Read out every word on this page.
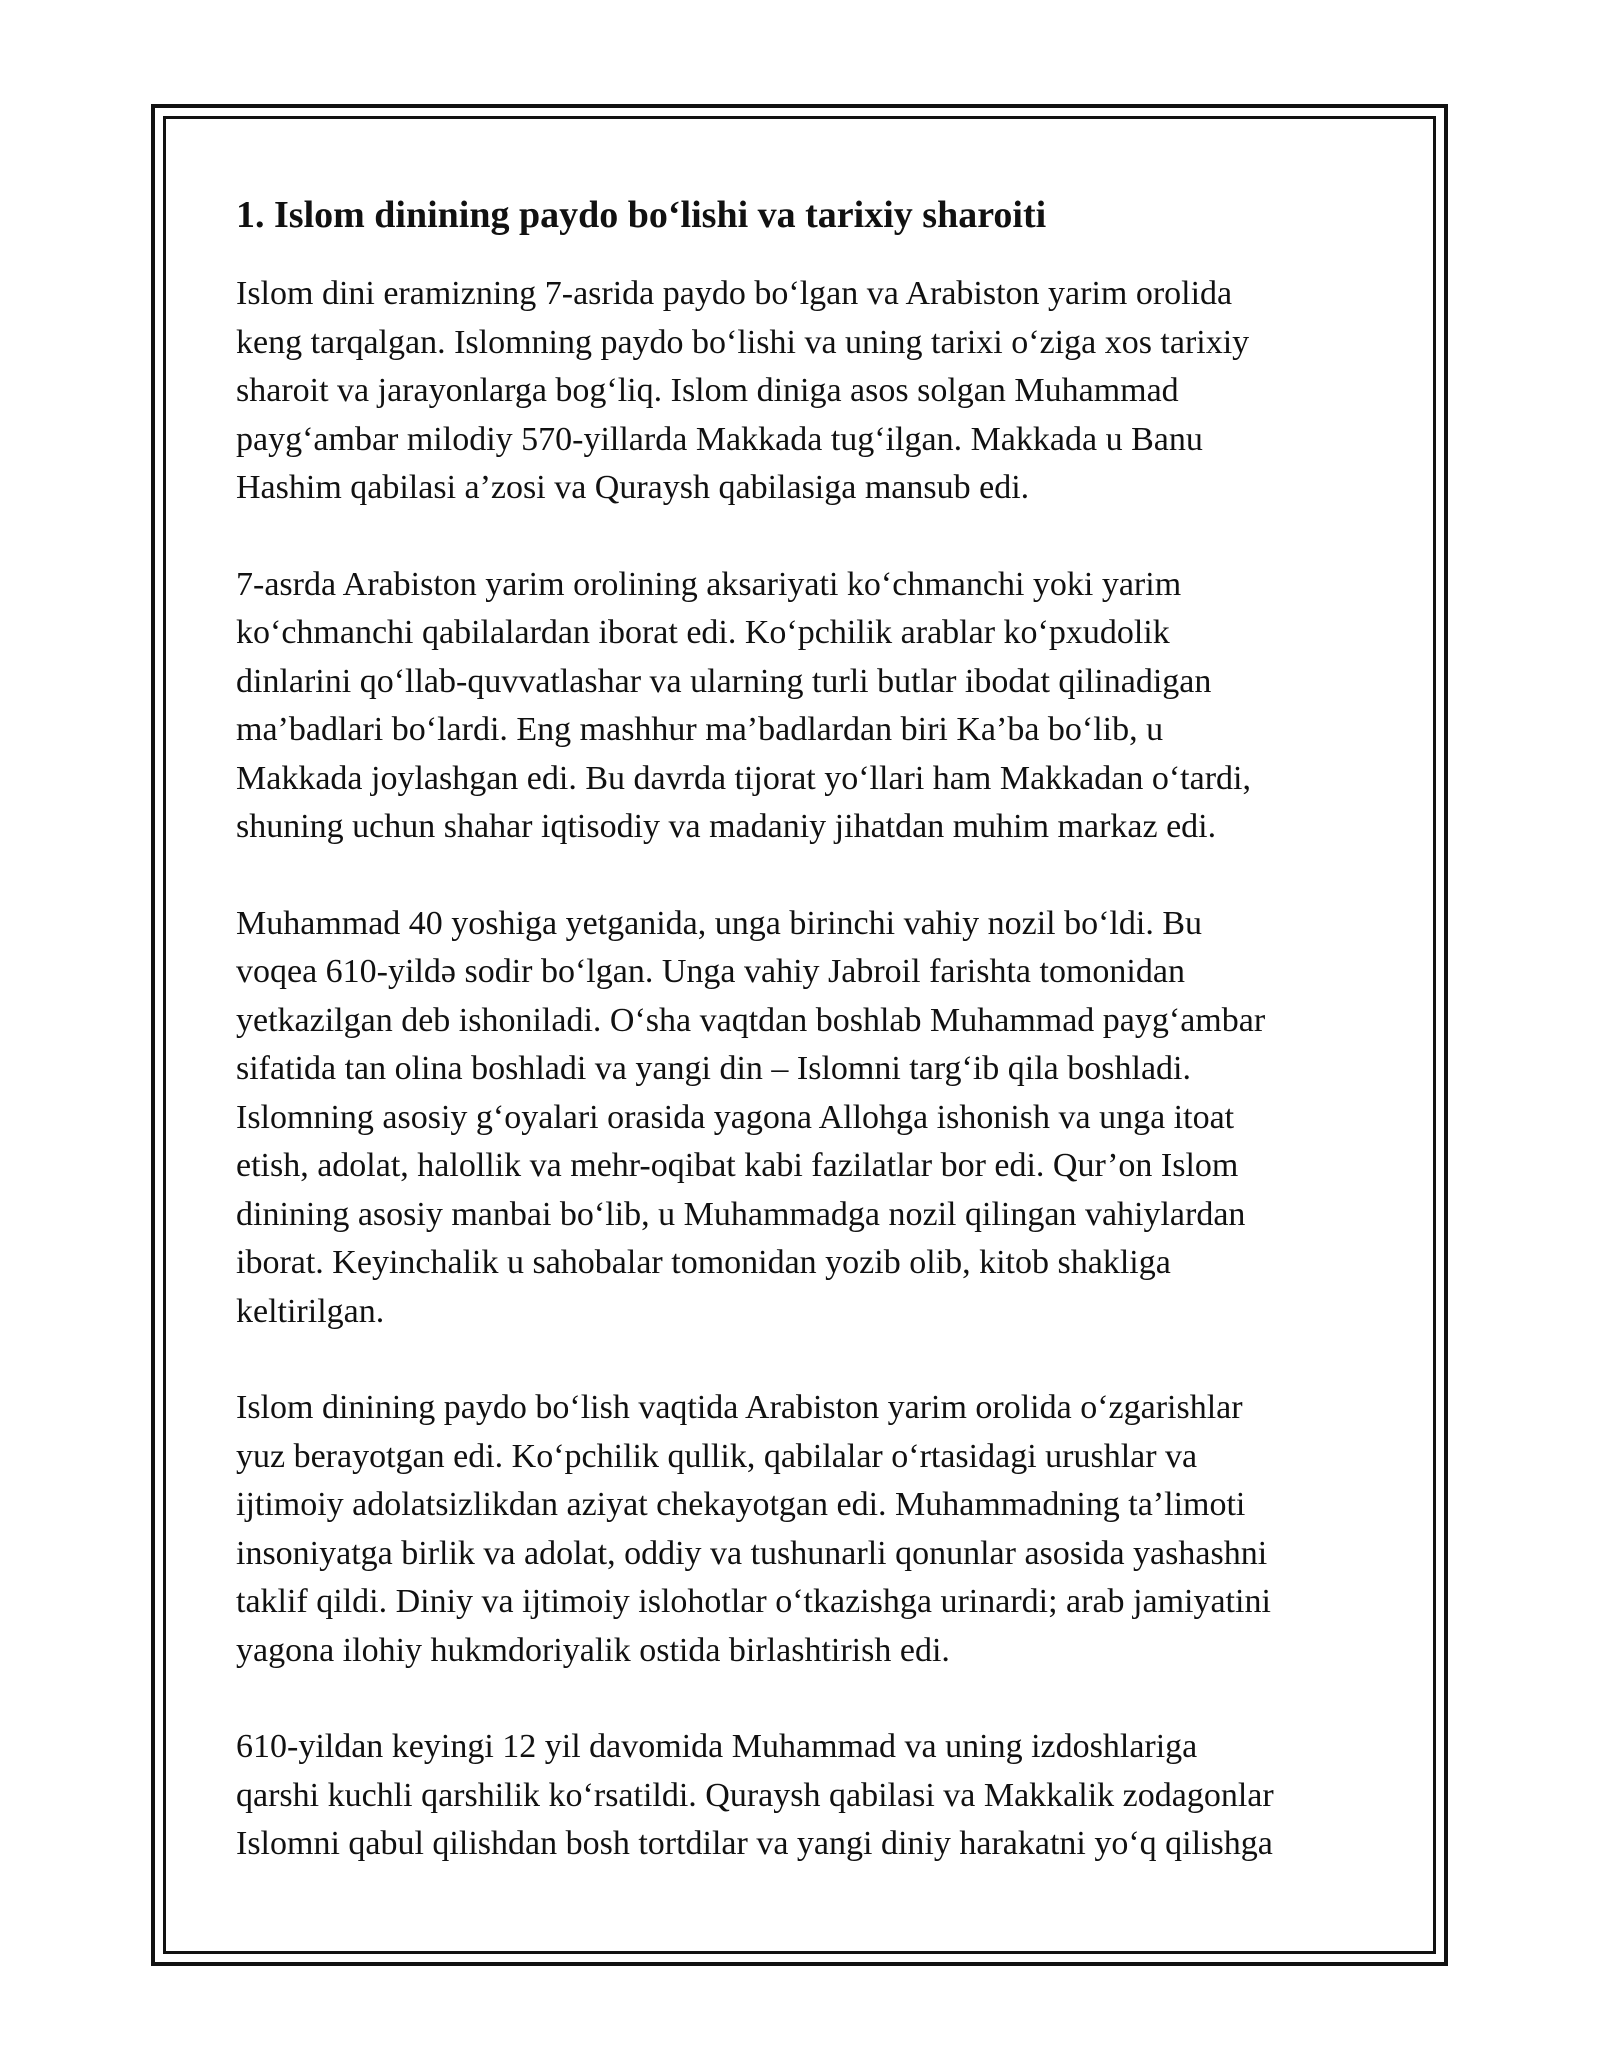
1. Islom dinining paydo bo‘lishi va tarixiy sharoiti

Islom dini eramizning 7-asrida paydo bo‘lgan va Arabiston yarim orolida
keng tarqalgan. Islomning paydo bo‘lishi va uning tarixi o‘ziga xos tarixiy
sharoit va jarayonlarga bog‘liq. Islom diniga asos solgan Muhammad
payg‘ambar milodiy 570-yillarda Makkada tug‘ilgan. Makkada u Banu
Hashim qabilasi a’zosi va Quraysh qabilasiga mansub edi.

7-asrda Arabiston yarim orolining aksariyati ko‘chmanchi yoki yarim
ko‘chmanchi qabilalardan iborat edi. Ko‘pchilik arablar ko‘pxudolik
dinlarini qo‘llab-quvvatlashar va ularning turli butlar ibodat qilinadigan
ma’badlari bo‘lardi. Eng mashhur ma’badlardan biri Ka’ba bo‘lib, u
Makkada joylashgan edi. Bu davrda tijorat yo‘llari ham Makkadan o‘tardi,
shuning uchun shahar iqtisodiy va madaniy jihatdan muhim markaz edi.

Muhammad 40 yoshiga yetganida, unga birinchi vahiy nozil bo‘ldi. Bu
voqea 610-yildə sodir bo‘lgan. Unga vahiy Jabroil farishta tomonidan
yetkazilgan deb ishoniladi. O‘sha vaqtdan boshlab Muhammad payg‘ambar
sifatida tan olina boshladi va yangi din – Islomni targ‘ib qila boshladi.
Islomning asosiy g‘oyalari orasida yagona Allohga ishonish va unga itoat
etish, adolat, halollik va mehr-oqibat kabi fazilatlar bor edi. Qur’on Islom
dinining asosiy manbai bo‘lib, u Muhammadga nozil qilingan vahiylardan
iborat. Keyinchalik u sahobalar tomonidan yozib olib, kitob shakliga
keltirilgan.

Islom dinining paydo bo‘lish vaqtida Arabiston yarim orolida o‘zgarishlar
yuz berayotgan edi. Ko‘pchilik qullik, qabilalar o‘rtasidagi urushlar va
ijtimoiy adolatsizlikdan aziyat chekayotgan edi. Muhammadning ta’limoti
insoniyatga birlik va adolat, oddiy va tushunarli qonunlar asosida yashashni
taklif qildi. Diniy va ijtimoiy islohotlar o‘tkazishga urinardi; arab jamiyatini
yagona ilohiy hukmdoriyalik ostida birlashtirish edi.

610-yildan keyingi 12 yil davomida Muhammad va uning izdoshlariga
qarshi kuchli qarshilik ko‘rsatildi. Quraysh qabilasi va Makkalik zodagonlar
Islomni qabul qilishdan bosh tortdilar va yangi diniy harakatni yo‘q qilishga
